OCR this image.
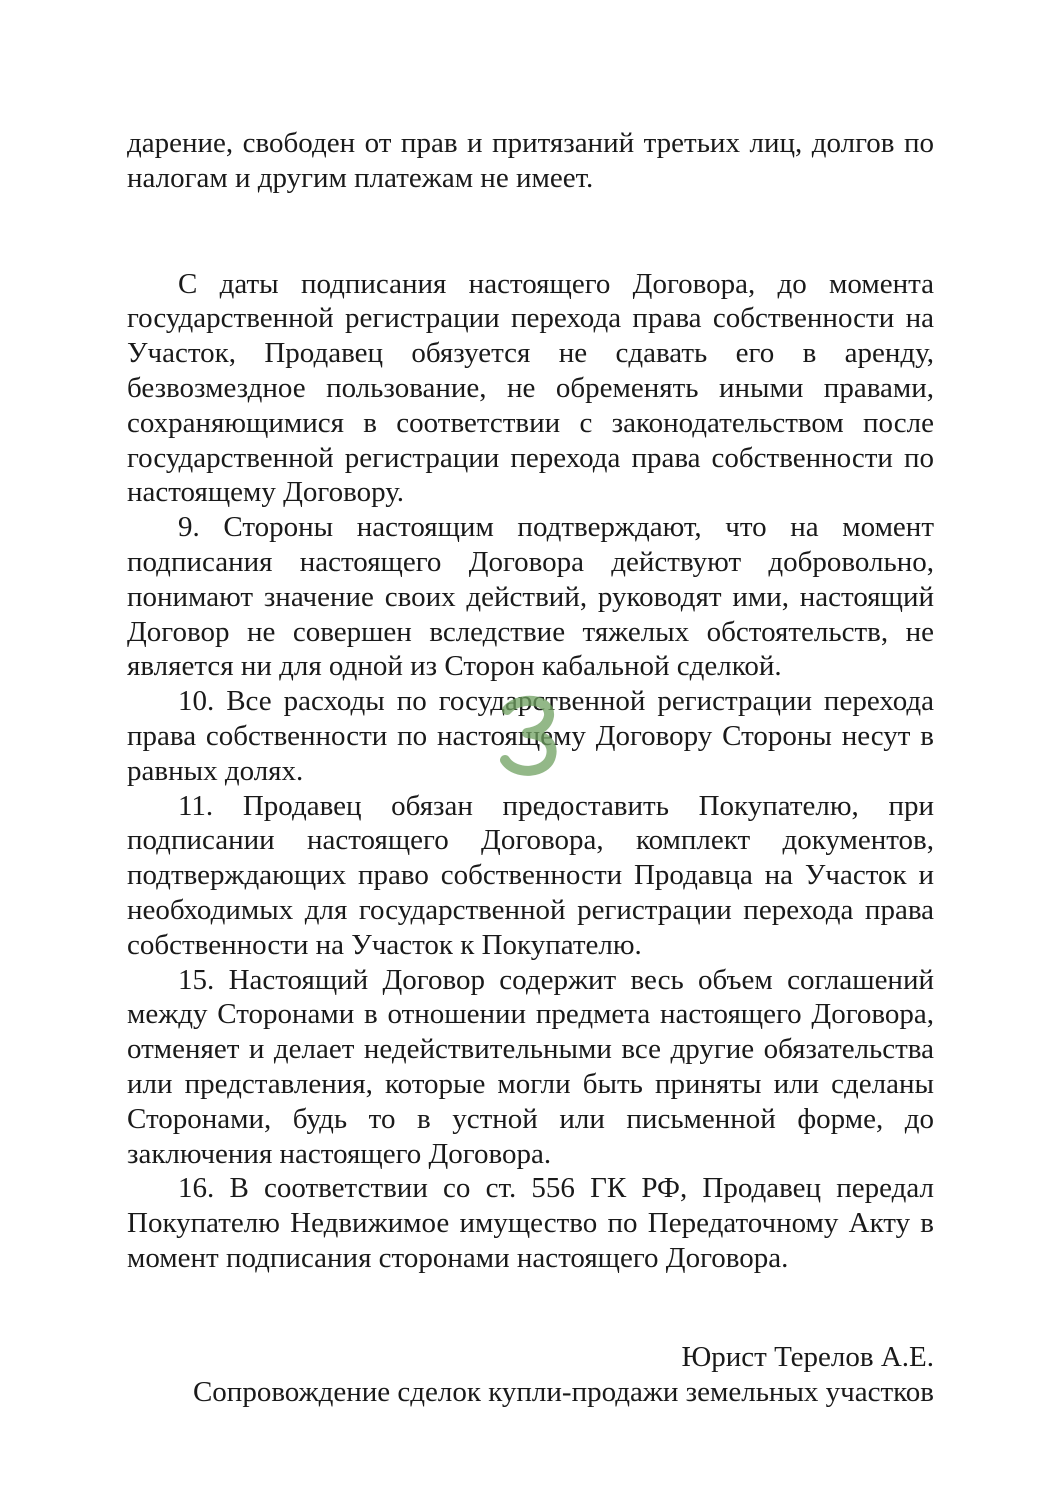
дарение, свободен от прав и притязаний третьих лиц, долгов по налогам и другим платежам не имеет.

С даты подписания настоящего Договора, до момента государственной регистрации перехода права собственности на Участок, Продавец обязуется не сдавать его в аренду, безвозмездное пользование, не обременять иными правами, сохраняющимися в соответствии с законодательством после государственной регистрации перехода права собственности по настоящему Договору.

9. Стороны настоящим подтверждают, что на момент подписания настоящего Договора действуют добровольно, понимают значение своих действий, руководят ими, настоящий Договор не совершен вследствие тяжелых обстоятельств, не является ни для одной из Сторон кабальной сделкой.

10. Все расходы по государственной регистрации перехода права собственности по настоящему Договору Стороны несут в равных долях.

11. Продавец обязан предоставить Покупателю, при подписании настоящего Договора, комплект документов, подтверждающих право собственности Продавца на Участок и необходимых для государственной регистрации перехода права собственности на Участок к Покупателю.

15. Настоящий Договор содержит весь объем соглашений между Сторонами в отношении предмета настоящего Договора, отменяет и делает недействительными все другие обязательства или представления, которые могли быть приняты или сделаны Сторонами, будь то в устной или письменной форме, до заключения настоящего Договора.

16. В соответствии со ст. 556 ГК РФ, Продавец передал Покупателю Недвижимое имущество по Передаточному Акту в момент подписания сторонами настоящего Договора.

Юрист Терелов А.Е.
Сопровождение сделок купли-продажи земельных участков
